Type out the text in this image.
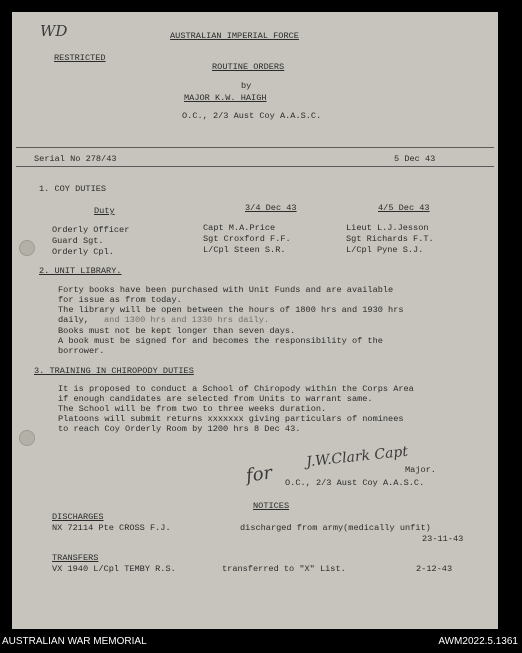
WD	AUSTRALIAN IMPERIAL FORCE
RESTRICTED
ROUTINE ORDERS
by
MAJOR K.W. HAIGH
O.C., 2/3 Aust Coy A.A.S.C.
Serial No 278/43	5 Dec 43
1. COY DUTIES
Duty	3/4 Dec 43	4/5 Dec 43
Orderly Officer	Capt M.A.Price	Lieut L.J.Jesson
Guard Sgt.	Sgt Croxford F.F.	Sgt Richards F.T.
Orderly Cpl.	L/Cpl Steen S.R.	L/Cpl Pyne S.J.
2. UNIT LIBRARY.
Forty books have been purchased with Unit Funds and are available
for issue as from today.
The library will be open between the hours of 1800 hrs and 1930 hrs
daily, and 1300 hrs and 1330 hrs daily.
Books must not be kept longer than seven days.
A book must be signed for and becomes the responsibility of the
borrower.
3. TRAINING IN CHIROPODY DUTIES
It is proposed to conduct a School of Chiropody within the Corps Area
if enough candidates are selected from Units to warrant same.
The School will be from two to three weeks duration.
Platoons will submit returns xxxxxxx giving particulars of nominees
to reach Coy Orderly Room by 1200 hrs 8 Dec 43.
for
J.W.Clark Capt
Major.
O.C., 2/3 Aust Coy A.A.S.C.
NOTICES
DISCHARGES
NX 72114 Pte CROSS F.J.	discharged from army(medically unfit)
23-11-43
TRANSFERS
VX 1940 L/Cpl TEMBY R.S.	transferred to "X" List.	2-12-43
AUSTRALIAN WAR MEMORIAL	AWM2022.5.1361
